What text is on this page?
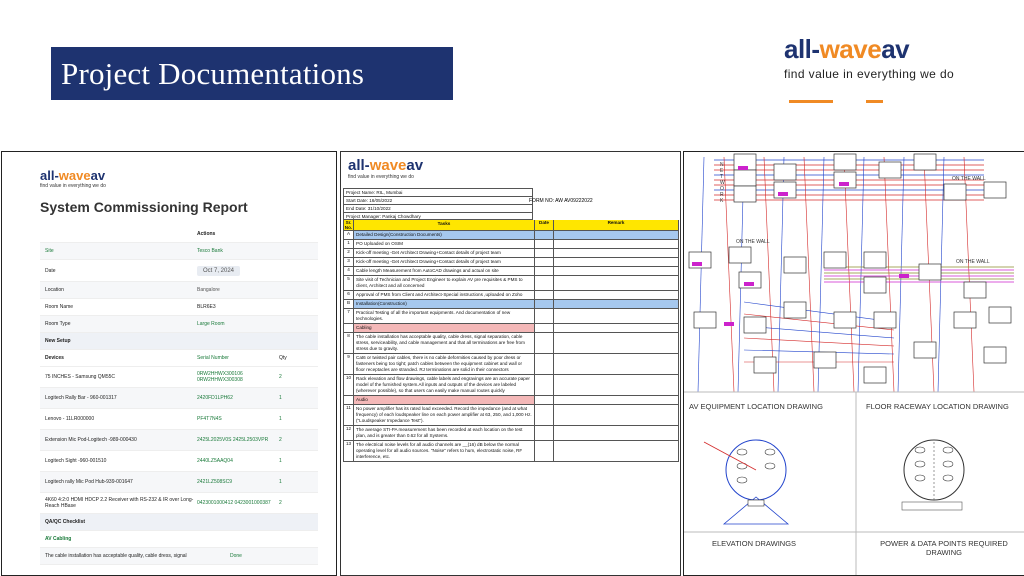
Project Documentations
all-waveav
find value in everything we do
all-waveav
find value in everything we do
System Commissioning Report
Actions
Site	Tesco Bank
Date	Oct 7, 2024
Location	Bangalore
Room Name	BLR6E3
Room Type	Large Room
New Setup
Devices	Serial Number	Qty
75 INCHES - Samsung QM55C	0RW2HHWX300106 0RW2HHWX300308	2
Logitech Rally Bar - 960-001317	2420FD1LPH62	1
Lenovo - 11LR000000	PF4T7N4S	1
Extension Mic Pod-Logitech -989-000430	2425L2025V0S 2425L2503VPR	2
Logitech Sight -960-001510	2440LZ5AAQ04	1
Logitech rally Mic Pod Hub-939-001647	2421LZ508SC9	1
4K60 4:2:0 HDMI HDCP 2.2 Receiver with RS-232 & IR over Long-Reach HBase	0423001000412 0423001000387	2
QA/QC Checklist
AV Cabling
The cable installation has acceptable quality, cable dress, signal	Done
all-waveav
find value in everything we do
Project Name: RIL, Mumbai
Start Date: 16/05/2022
End Date: 31/10/2022
Project Manager: Pankaj Chowdhary
Sr. No.
Tasks	Date	Remark
A	Detailed Design(Construction Documents)
1	PO Uploaded on OSIM
2	Kick-off meeting -Get Architect Drawing+Contact details of project team
3	Kick-off meeting -Get Architect Drawing+Contact details of project team
4	Cable length Measurement from AutoCAD drawings and actual on site
5	Site visit of Technician and Project Engineer to explain AV pre requisites & PMS to client, Architect and all concerned
6	Approval of PMS from Client and Architect-Special instructions ,uploaded on Zoho
B	Installation(Construction)
7	Practical Testing of all the important equipments. And documentation of new technologies.
Cabling
8	The cable installation has acceptable quality, cable dress, signal separation, cable stress, serviceability, and cable management and that all terminations are free from stress due to gravity.
9	Cat6 or twisted pair cables, there is no cable deformities caused by poor dress or fasteners being too tight; patch cables between the equipment cabinet and wall or floor receptacles are stranded. RJ terminations are solid in their connectors
10	Rack elevation and flow drawings, cable labels and engravings are an accurate paper model of the furnished system.All inputs and outputs of the devices are labeled (wherever possible), so that users can easily make manual routes quickly
Audio
11	No power amplifier has its rated load exceeded. Record the impedance (and at what frequency) of each loudspeaker line on each power amplifier at 63, 250, and 1,000 Hz. ("Loudspeaker Impedance Test").
12	The average STI-PA measurement has been recorded at each location on the test plan, and is greater than 0.62 for all Systems.
13	The electrical noise levels for all audio channels are __(16) dB below the normal operating level for all audio sources. "Noise" refers to hum, electrostatic noise, RF interference, etc.
FORM NO: AW AV09222022
ON THE WALL
ON THE WALL
ON THE WALL
NETWORK
AV EQUIPMENT LOCATION DRAWING	FLOOR RACEWAY LOCATION DRAWING
ELEVATION DRAWINGS	POWER & DATA POINTS REQUIRED DRAWING
